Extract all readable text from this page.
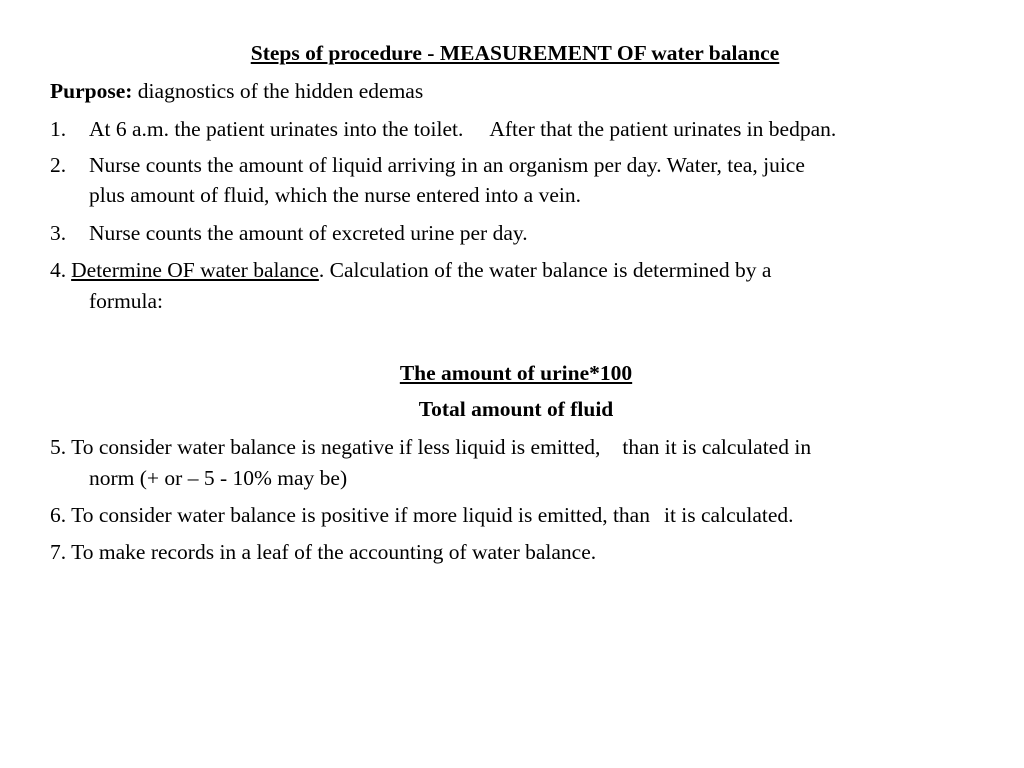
Steps of procedure - MEASUREMENT OF water balance
Purpose: diagnostics of the hidden edemas
1. At 6 a.m. the patient urinates into the toilet. After that the patient urinates in bedpan.
2. Nurse counts the amount of liquid arriving in an organism per day. Water, tea, juice
plus amount of fluid, which the nurse entered into a vein.
3. Nurse counts the amount of excreted urine per day.
4. Determine OF water balance. Calculation of the water balance is determined by a
formula:
The amount of urine*100
Total amount of fluid
5. To consider water balance is negative if less liquid is emitted, than it is calculated in
norm (+ or – 5 - 10% may be)
6. To consider water balance is positive if more liquid is emitted, than it is calculated.
7. To make records in a leaf of the accounting of water balance.
